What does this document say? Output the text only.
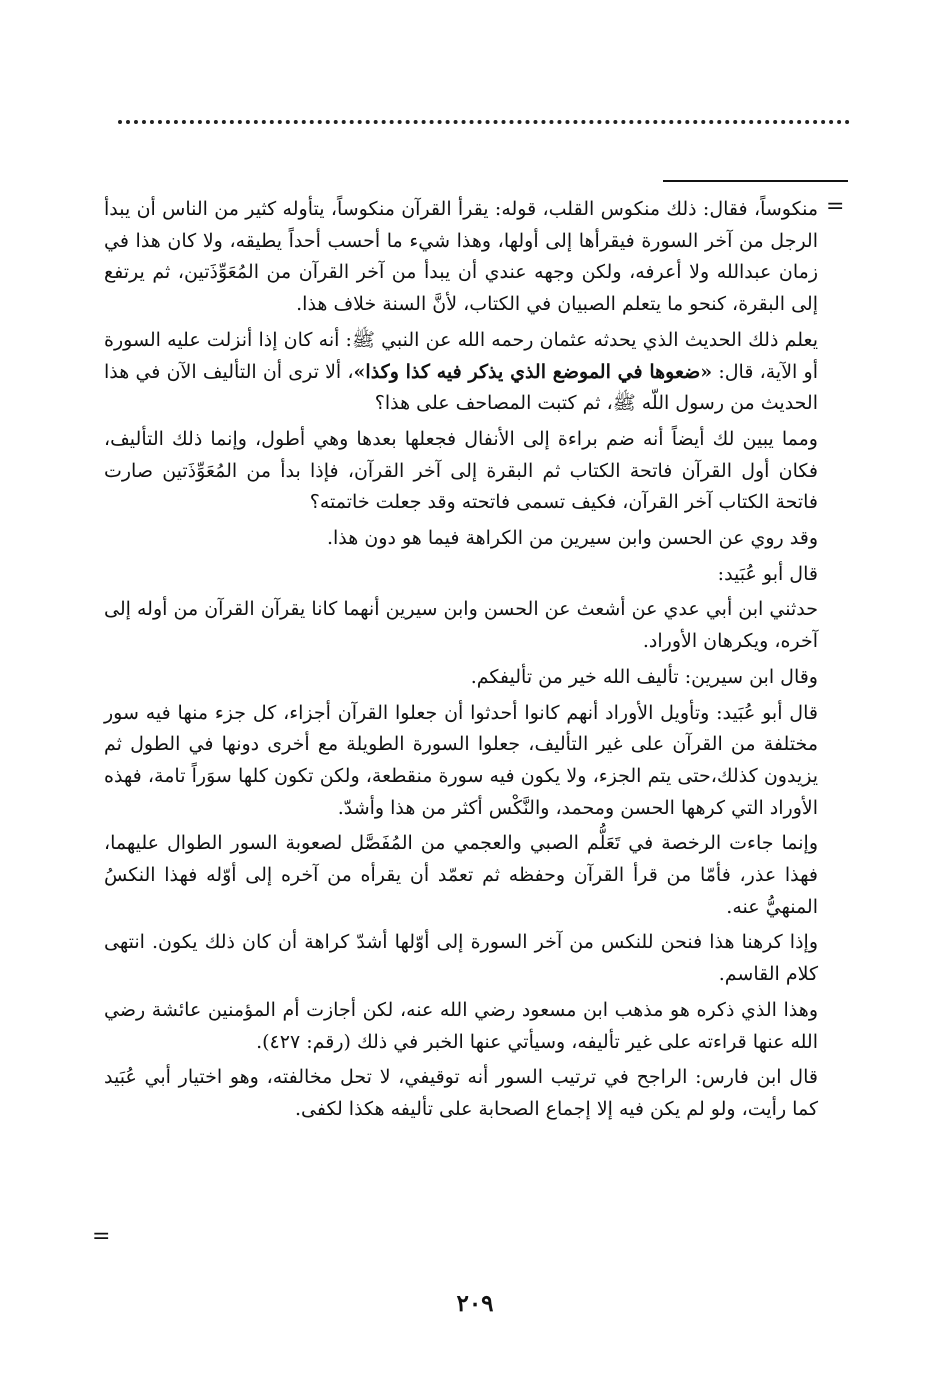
=
=

منكوساً، فقال: ذلك منكوس القلب، قوله: يقرأ القرآن منكوساً، يتأوله كثير من الناس أن يبدأ الرجل من آخر السورة فيقرأها إلى أولها، وهذا شيء ما أحسب أحداً يطيقه، ولا كان هذا في زمان عبدالله ولا أعرفه، ولكن وجهه عندي أن يبدأ من آخر القرآن من المُعَوِّذَتين، ثم يرتفع إلى البقرة، كنحو ما يتعلم الصبيان في الكتاب، لأنَّ السنة خلاف هذا.

يعلم ذلك الحديث الذي يحدثه عثمان رحمه الله عن النبي ﷺ: أنه كان إذا أنزلت عليه السورة أو الآية، قال: «ضعوها في الموضع الذي يذكر فيه كذا وكذا»، ألا ترى أن التأليف الآن في هذا الحديث من رسول اللّه ﷺ، ثم كتبت المصاحف على هذا؟

ومما يبين لك أيضاً أنه ضم براءة إلى الأنفال فجعلها بعدها وهي أطول، وإنما ذلك التأليف، فكان أول القرآن فاتحة الكتاب ثم البقرة إلى آخر القرآن، فإذا بدأ من المُعَوِّذَتين صارت فاتحة الكتاب آخر القرآن، فكيف تسمى فاتحته وقد جعلت خاتمته؟

وقد روي عن الحسن وابن سيرين من الكراهة فيما هو دون هذا.

قال أبو عُبَيد:

حدثني ابن أبي عدي عن أشعث عن الحسن وابن سيرين أنهما كانا يقرآن القرآن من أوله إلى آخره، ويكرهان الأوراد.

وقال ابن سيرين: تأليف الله خير من تأليفكم.

قال أبو عُبَيد: وتأويل الأوراد أنهم كانوا أحدثوا أن جعلوا القرآن أجزاء، كل جزء منها فيه سور مختلفة من القرآن على غير التأليف، جعلوا السورة الطويلة مع أخرى دونها في الطول ثم يزيدون كذلك،حتى يتم الجزء، ولا يكون فيه سورة منقطعة، ولكن تكون كلها سوَراً تامة، فهذه الأوراد التي كرهها الحسن ومحمد، والنَّكْس أكثر من هذا وأشدّ.

وإنما جاءت الرخصة في تَعَلُّم الصبي والعجمي من المُفَصَّل لصعوبة السور الطوال عليهما، فهذا عذر، فأمّا من قرأ القرآن وحفظه ثم تعمّد أن يقرأه من آخره إلى أوّله فهذا النكسُ المنهيُّ عنه.

وإذا كرهنا هذا فنحن للنكس من آخر السورة إلى أوّلها أشدّ كراهة أن كان ذلك يكون. انتهى كلام القاسم.

وهذا الذي ذكره هو مذهب ابن مسعود رضي الله عنه، لكن أجازت أم المؤمنين عائشة رضي الله عنها قراءته على غير تأليفه، وسيأتي عنها الخبر في ذلك (رقم: ٤٢٧).

قال ابن فارس: الراجح في ترتيب السور أنه توقيفي، لا تحل مخالفته، وهو اختيار أبي عُبَيد كما رأيت، ولو لم يكن فيه إلا إجماع الصحابة على تأليفه هكذا لكفى.

٢٠٩
